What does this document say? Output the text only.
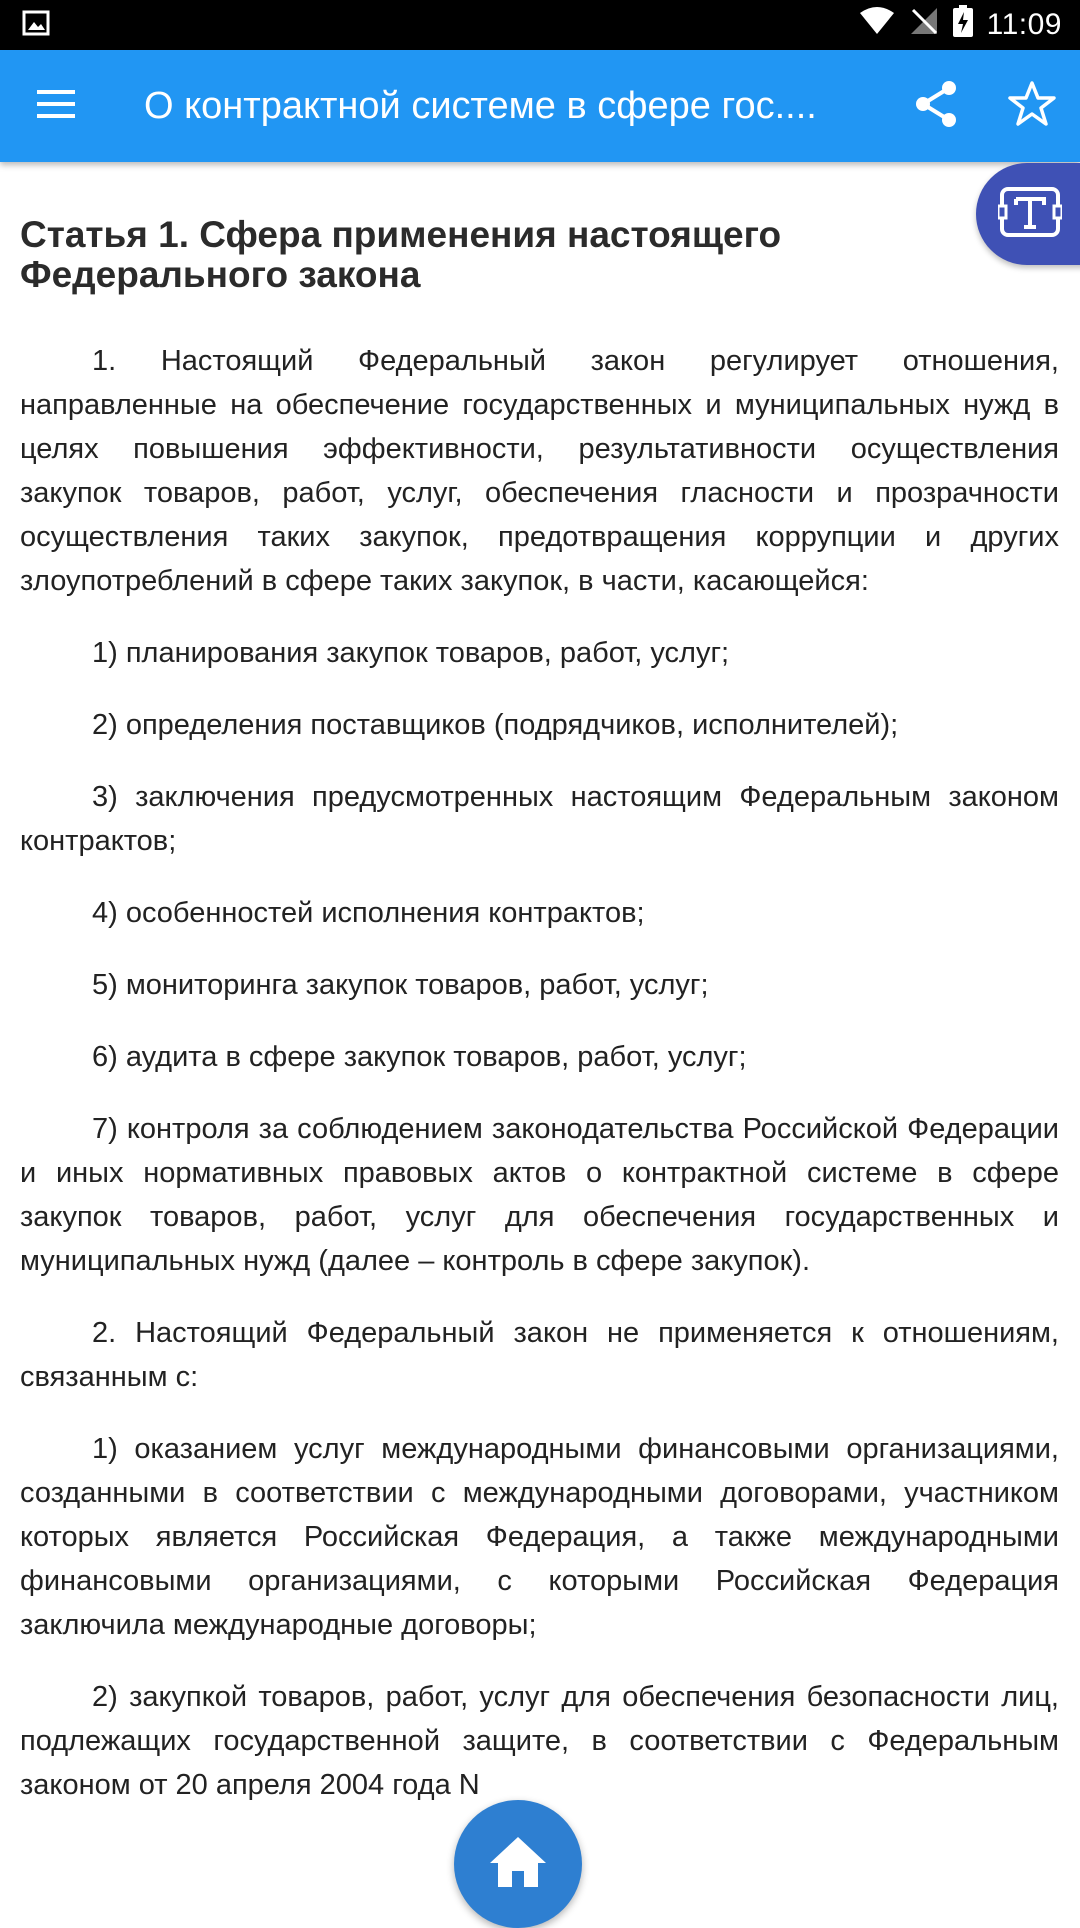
11:09
О контрактной системе в сфере гос....
Статья 1. Сфера применения настоящего Федерального закона

1. Настоящий Федеральный закон регулирует отношения, направленные на обеспечение государственных и муниципальных нужд в целях повышения эффективности, результативности осуществления закупок товаров, работ, услуг, обеспечения гласности и прозрачности осуществления таких закупок, предотвращения коррупции и других злоупотреблений в сфере таких закупок, в части, касающейся:

1) планирования закупок товаров, работ, услуг;

2) определения поставщиков (подрядчиков, исполнителей);

3) заключения предусмотренных настоящим Федеральным законом контрактов;

4) особенностей исполнения контрактов;

5) мониторинга закупок товаров, работ, услуг;

6) аудита в сфере закупок товаров, работ, услуг;

7) контроля за соблюдением законодательства Российской Федерации и иных нормативных правовых актов о контрактной системе в сфере закупок товаров, работ, услуг для обеспечения государственных и муниципальных нужд (далее – контроль в сфере закупок).

2. Настоящий Федеральный закон не применяется к отношениям, связанным с:

1) оказанием услуг международными финансовыми организациями, созданными в соответствии с международными договорами, участником которых является Российская Федерация, а также международными финансовыми организациями, с которыми Российская Федерация заключила международные договоры;

2) закупкой товаров, работ, услуг для обеспечения безопасности лиц, подлежащих государственной защите, в соответствии с Федеральным законом от 20 апреля 2004 года N
